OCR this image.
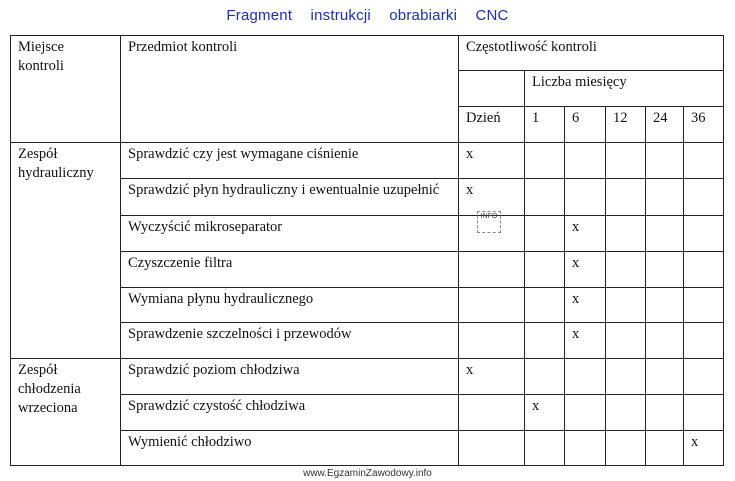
Fragment instrukcji obrabiarki CNC
Miejsce kontroli	Przedmiot kontroli	Częstotliwość kontroli					
			Liczba miesięcy				
		Dzień	1	6	12	24	36
Zespół hydrauliczny	Sprawdzić czy jest wymagane ciśnienie	x					
	Sprawdzić płyn hydrauliczny i ewentualnie uzupełnić	x					
	Wyczyścić mikroseparator			x			
	Czyszczenie filtra			x			
	Wymiana płynu hydraulicznego			x			
	Sprawdzenie szczelności i przewodów			x			
Zespół chłodzenia wrzeciona	Sprawdzić poziom chłodziwa	x					
	Sprawdzić czystość chłodziwa		x				
	Wymienić chłodziwo						x
INFO
www.EgzaminZawodowy.info
